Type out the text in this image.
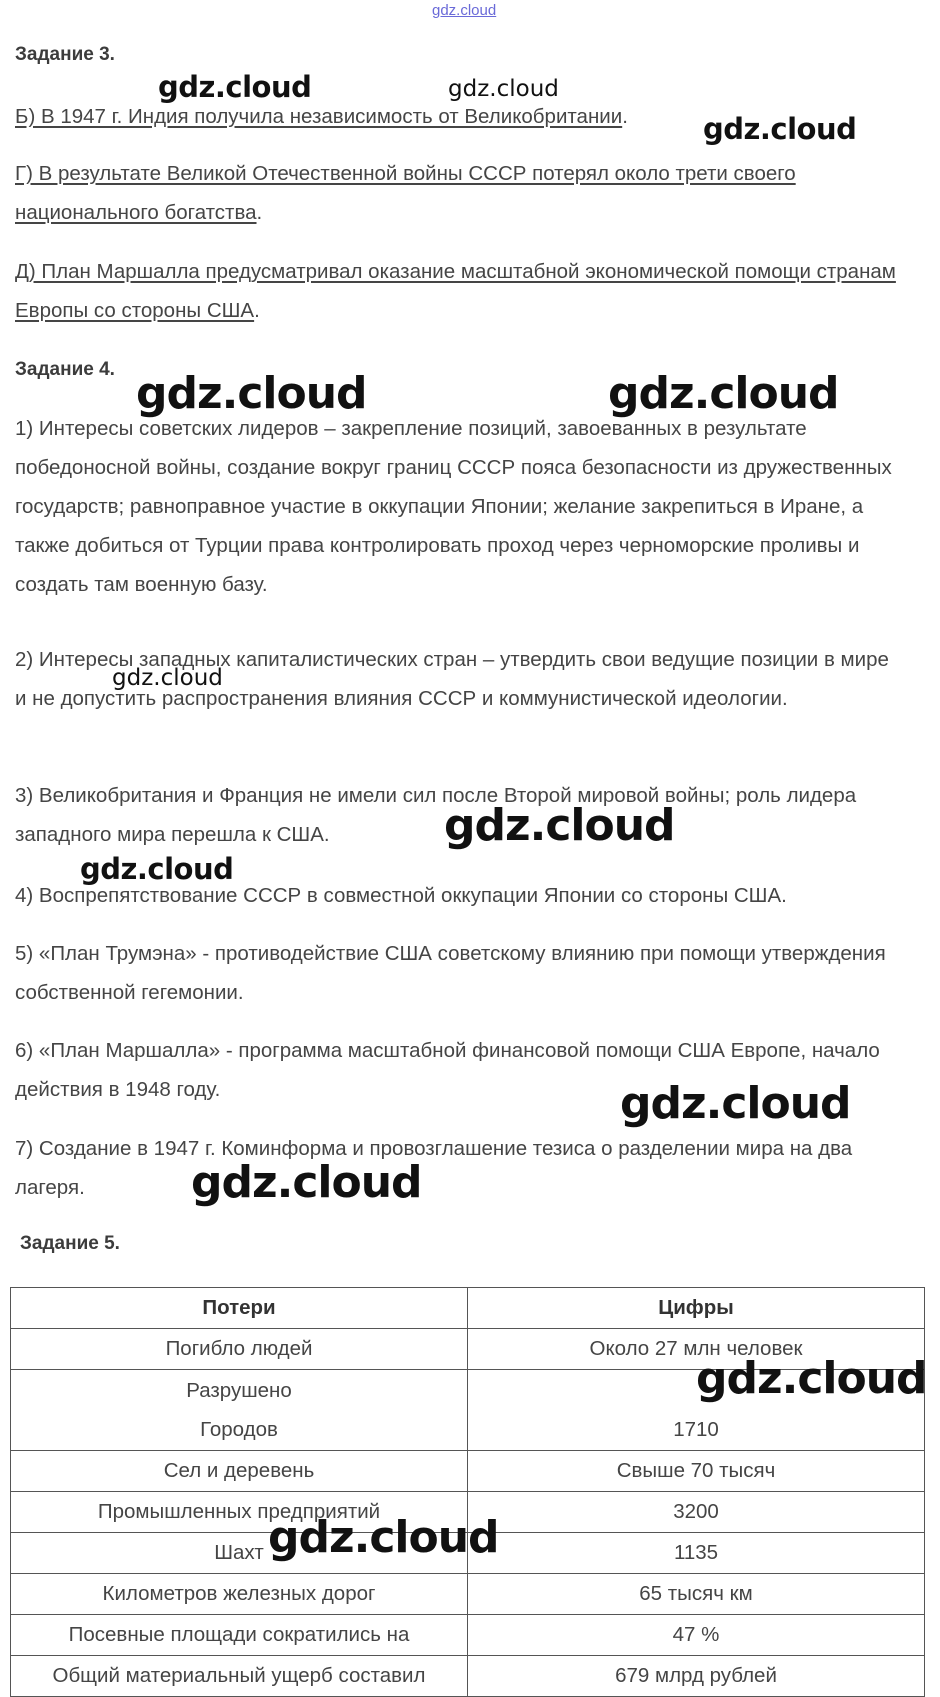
gdz.cloud
Задание 3.

Б) В 1947 г. Индия получила независимость от Великобритании.

Г) В результате Великой Отечественной войны СССР потерял около трети своего национального богатства.

Д) План Маршалла предусматривал оказание масштабной экономической помощи странам Европы со стороны США.

Задание 4.

1) Интересы советских лидеров – закрепление позиций, завоеванных в результате победоносной войны, создание вокруг границ СССР пояса безопасности из дружественных государств; равноправное участие в оккупации Японии; желание закрепиться в Иране, а также добиться от Турции права контролировать проход через черноморские проливы и создать там военную базу.

2) Интересы западных капиталистических стран – утвердить свои ведущие позиции в мире и не допустить распространения влияния СССР и коммунистической идеологии.

3) Великобритания и Франция не имели сил после Второй мировой войны; роль лидера западного мира перешла к США.

4) Воспрепятствование СССР в совместной оккупации Японии со стороны США.

5) «План Трумэна» - противодействие США советскому влиянию при помощи утверждения собственной гегемонии.

6) «План Маршалла» - программа масштабной финансовой помощи США Европе, начало действия в 1948 году.

7) Создание в 1947 г. Коминформа и провозглашение тезиса о разделении мира на два лагеря.

Задание 5.
Потери	Цифры
Погибло людей	Около 27 млн человек

Разрушено
Городов	1710

Сел и деревень	Свыше 70 тысяч
Промышленных предприятий	3200
Шахт	1135
Километров железных дорог	65 тысяч км
Посевные площади сократились на	47 %
Общий материальный ущерб составил	679 млрд рублей
gdz.cloud	gdz.cloud
gdz.cloud
gdz.cloud	gdz.cloud
gdz.cloud
gdz.cloud
gdz.cloud
gdz.cloud
gdz.cloud
gdz.cloud
gdz.cloud
